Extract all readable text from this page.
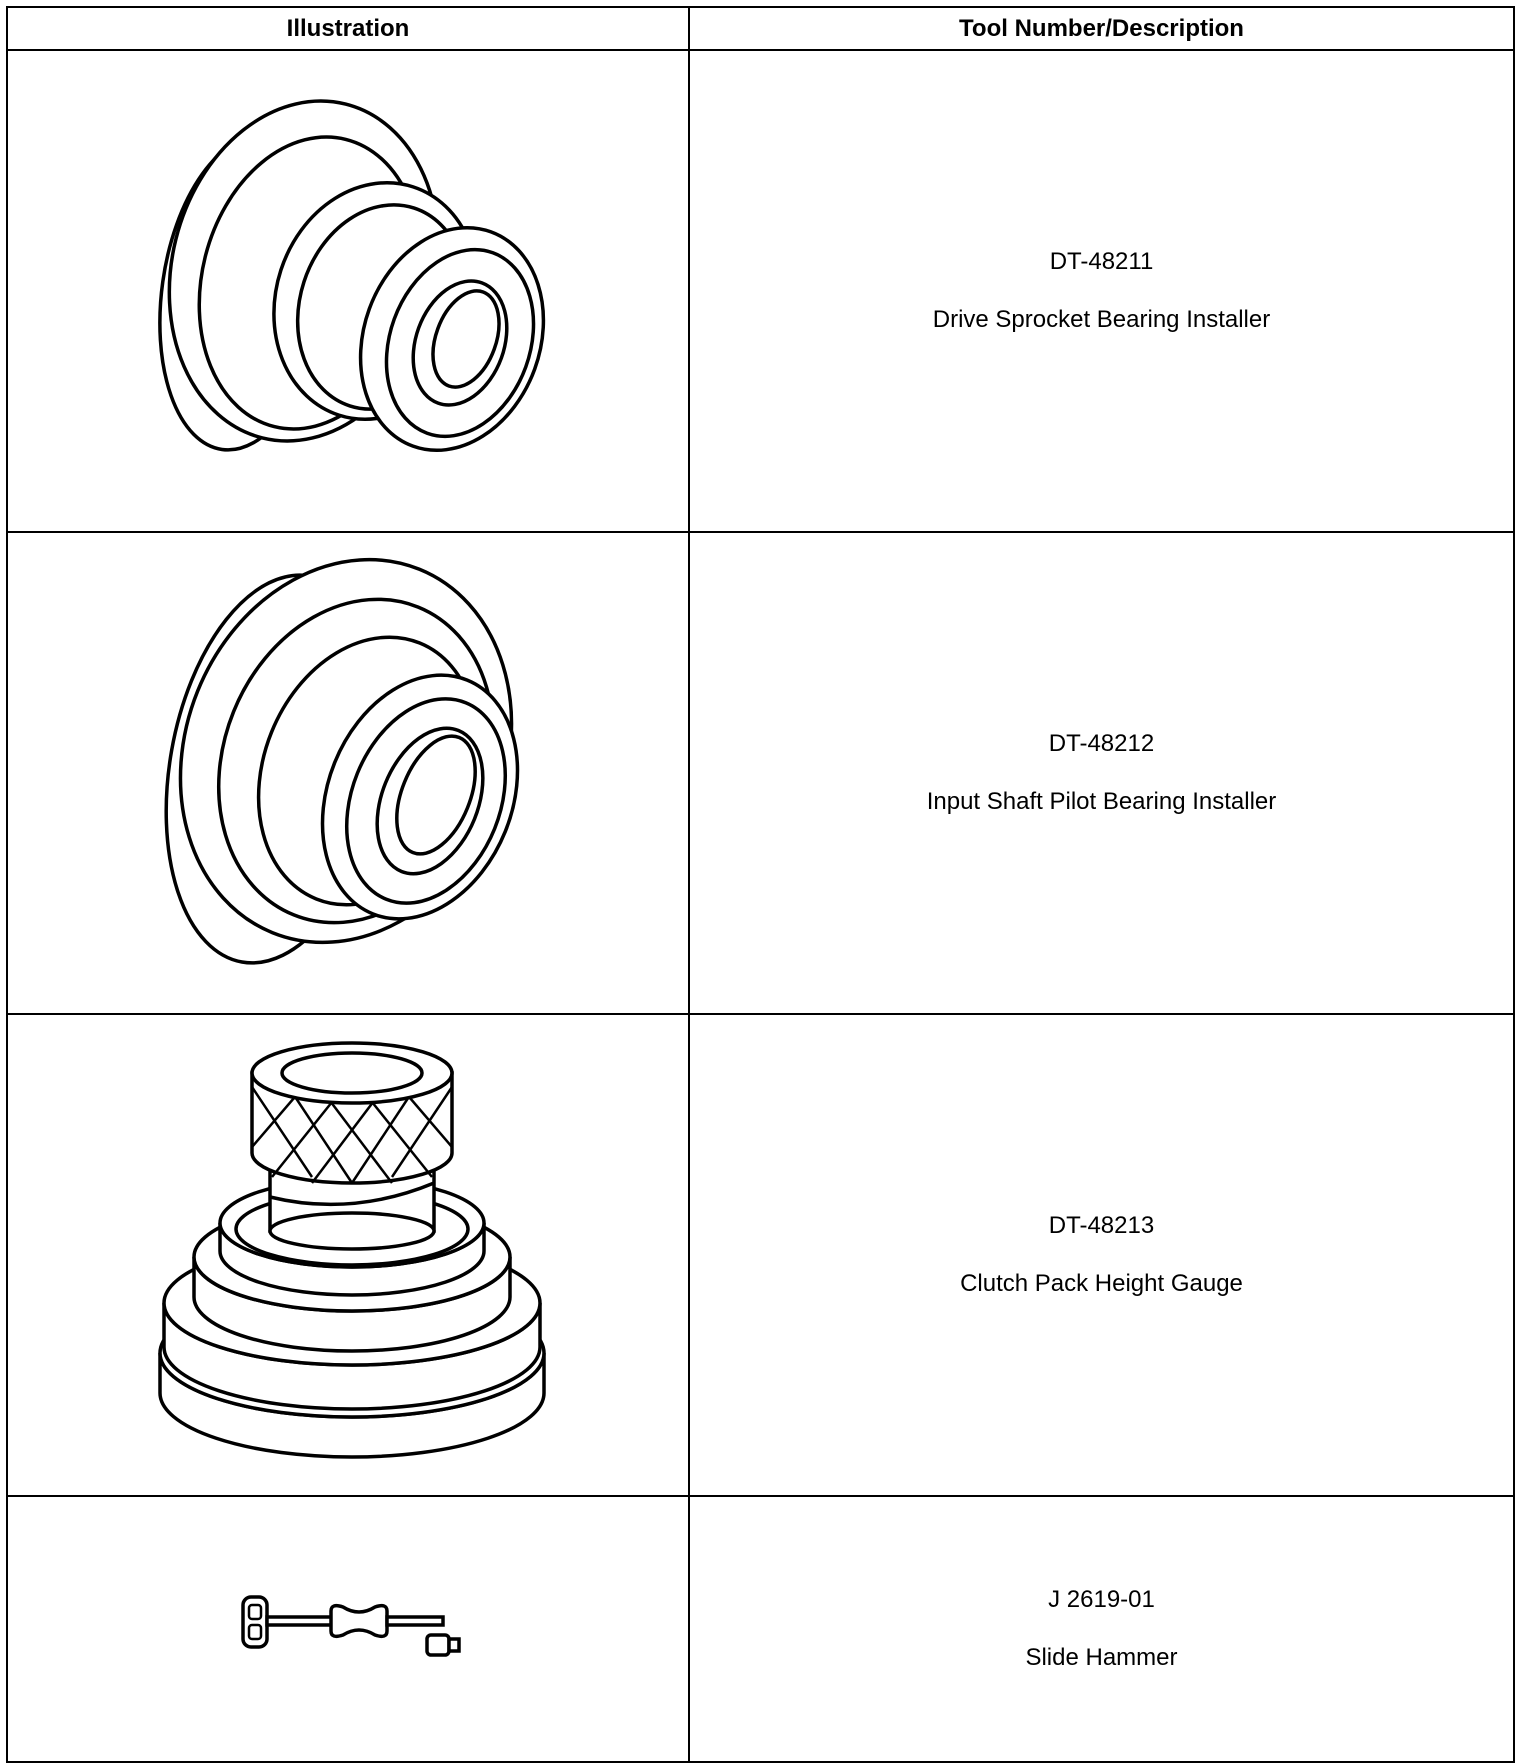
Illustration	Tool Number/Description

DT-48211
Drive Sprocket Bearing Installer

DT-48212
Input Shaft Pilot Bearing Installer

DT-48213
Clutch Pack Height Gauge

J 2619-01
Slide Hammer
